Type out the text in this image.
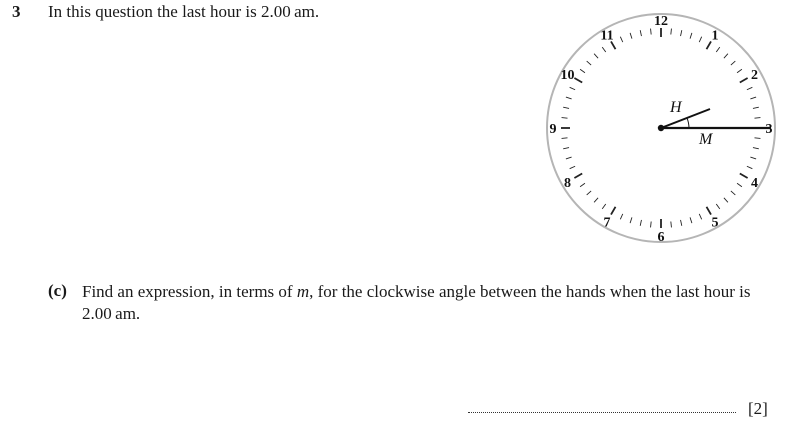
3 In this question the last hour is 2.00 am.
12
1
2
3
4
5
6
7
8
9
10
11
H
M
(c) Find an expression, in terms of m, for the clockwise angle between the hands when the last hour is 2.00 am.

[2]
